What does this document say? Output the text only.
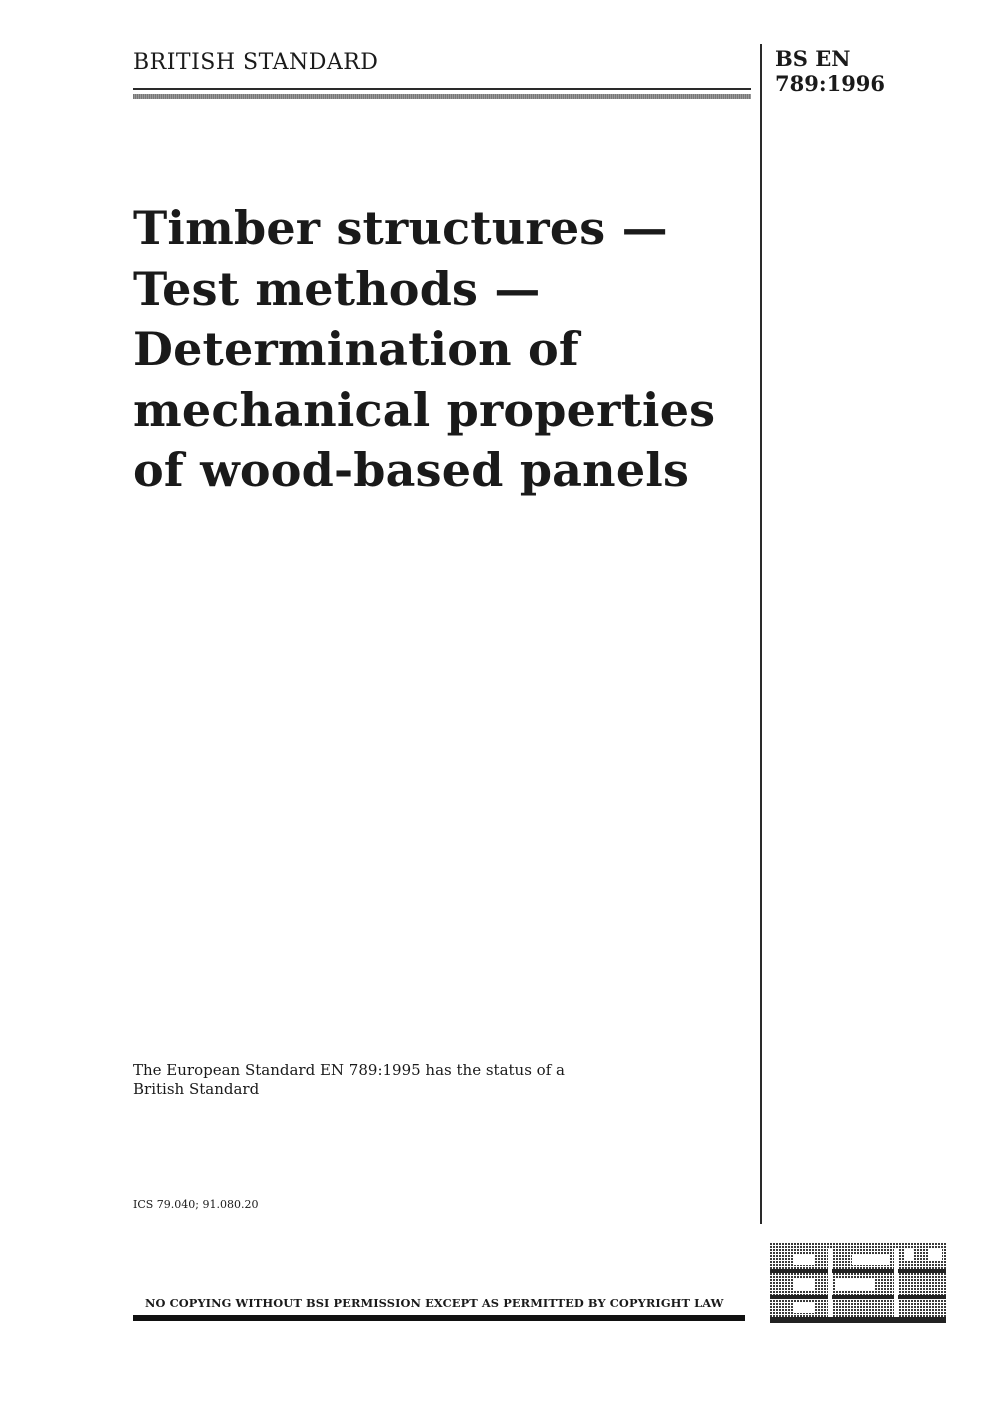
BRITISH STANDARD	BS EN
789:1996
Timber structures —
Test methods —
Determination of
mechanical properties
of wood-based panels
The European Standard EN 789:1995 has the status of a British Standard
ICS 79.040; 91.080.20
NO COPYING WITHOUT BSI PERMISSION EXCEPT AS PERMITTED BY COPYRIGHT LAW
